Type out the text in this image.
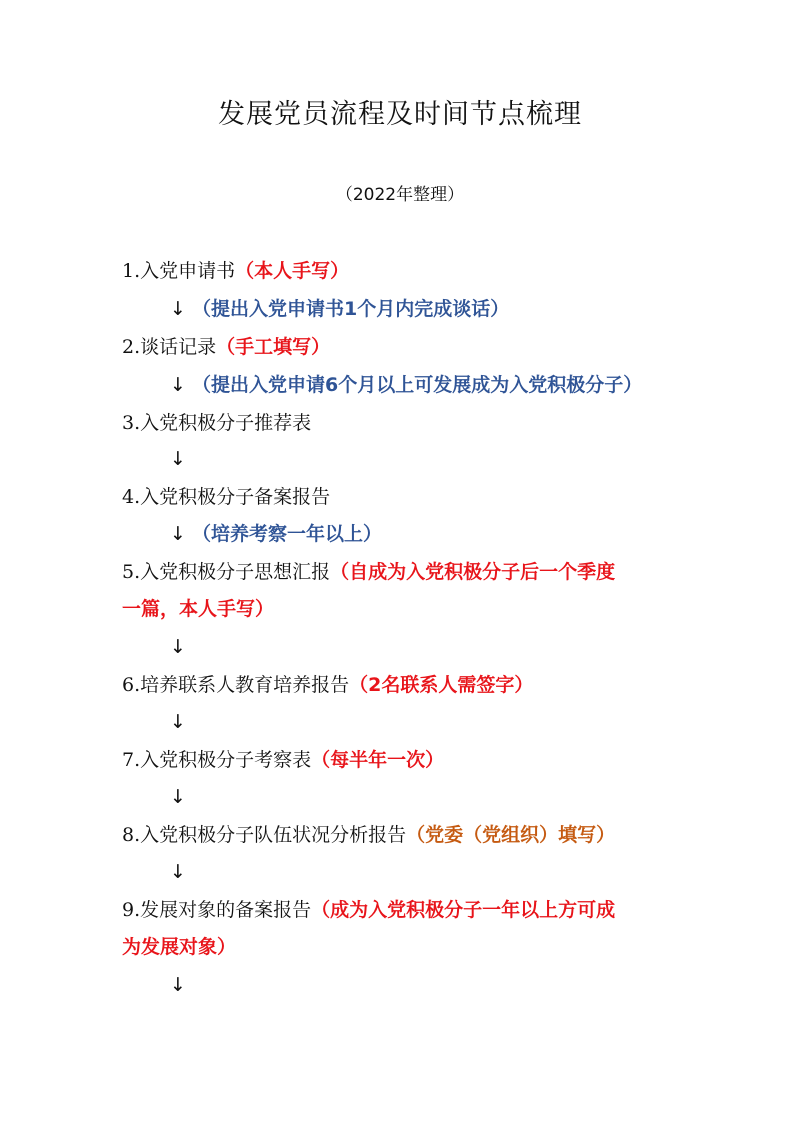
发展党员流程及时间节点梳理
（2022年整理）
1.入党申请书（本人手写）
↓ （提出入党申请书1个月内完成谈话）
2.谈话记录（手工填写）
↓ （提出入党申请6个月以上可发展成为入党积极分子）
3.入党积极分子推荐表
↓
4.入党积极分子备案报告
↓ （培养考察一年以上）
5.入党积极分子思想汇报（自成为入党积极分子后一个季度
一篇，本人手写）
↓
6.培养联系人教育培养报告（2名联系人需签字）
↓
7.入党积极分子考察表（每半年一次）
↓
8.入党积极分子队伍状况分析报告（党委（党组织）填写）
↓
9.发展对象的备案报告（成为入党积极分子一年以上方可成
为发展对象）
↓
